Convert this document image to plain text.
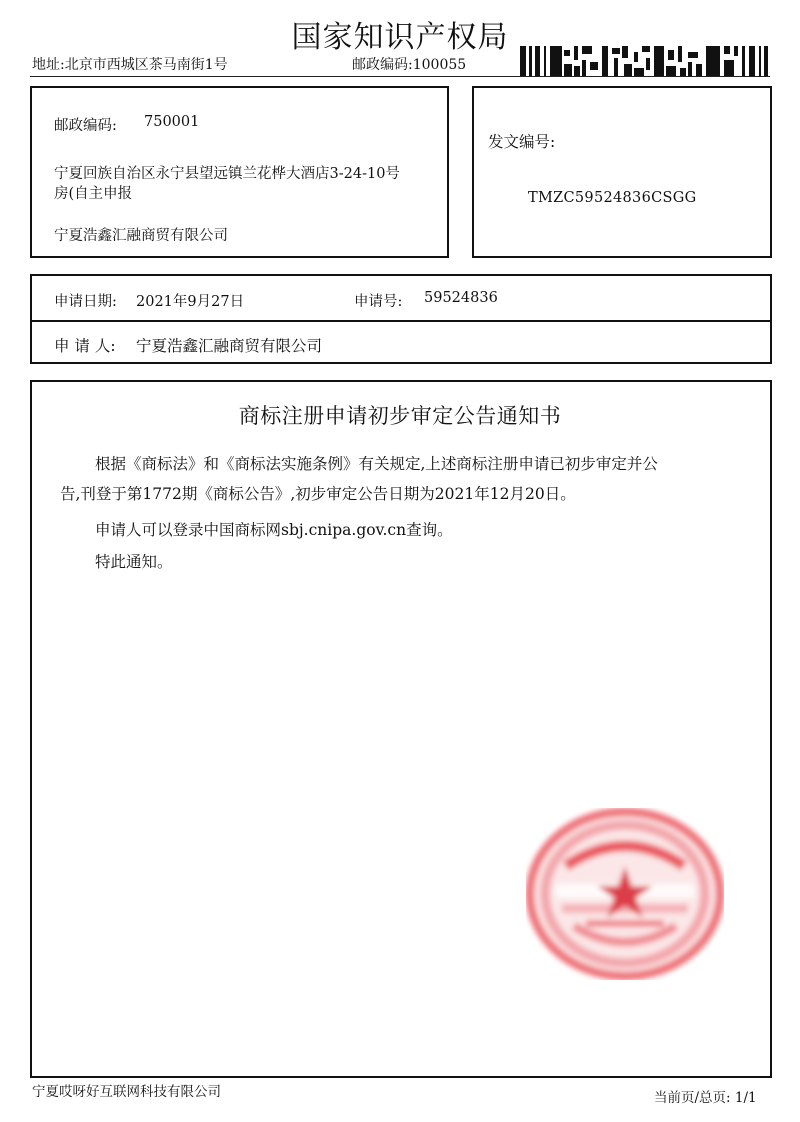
国家知识产权局
地址:北京市西城区茶马南街1号	邮政编码:100055
邮政编码: 750001
宁夏回族自治区永宁县望远镇兰花桦大酒店3-24-10号
房(自主申报
宁夏浩鑫汇融商贸有限公司
发文编号:
TMZC59524836CSGG
申请日期: 2021年9月27日	申请号: 59524836
申 请 人: 宁夏浩鑫汇融商贸有限公司
商标注册申请初步审定公告通知书
根据《商标法》和《商标法实施条例》有关规定,上述商标注册申请已初步审定并公
告,刊登于第1772期《商标公告》,初步审定公告日期为2021年12月20日。
申请人可以登录中国商标网sbj.cnipa.gov.cn查询。
特此通知。
宁夏哎呀好互联网科技有限公司	当前页/总页: 1/1
